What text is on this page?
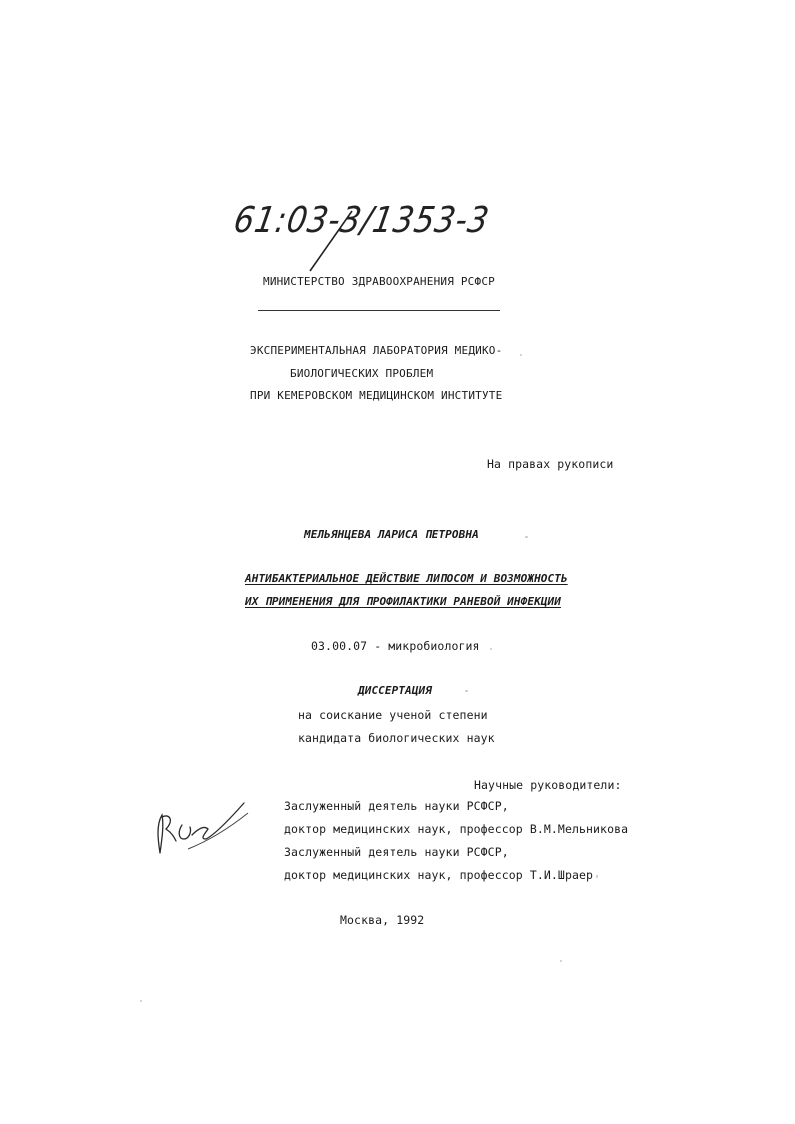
61:03-3/1353-3
МИНИСТЕРСТВО ЗДРАВООХРАНЕНИЯ РСФСР
ЭКСПЕРИМЕНТАЛЬНАЯ ЛАБОРАТОРИЯ МЕДИКО-
БИОЛОГИЧЕСКИХ ПРОБЛЕМ
ПРИ КЕМЕРОВСКОМ МЕДИЦИНСКОМ ИНСТИТУТЕ
На правах рукописи
МЕЛЬЯНЦЕВА ЛАРИСА ПЕТРОВНА
АНТИБАКТЕРИАЛЬНОЕ ДЕЙСТВИЕ ЛИПОСОМ И ВОЗМОЖНОСТЬ
ИХ ПРИМЕНЕНИЯ ДЛЯ ПРОФИЛАКТИКИ РАНЕВОЙ ИНФЕКЦИИ
03.00.07 - микробиология
ДИССЕРТАЦИЯ
на соискание ученой степени
кандидата биологических наук
Научные руководители:
Заслуженный деятель науки РСФСР,
доктор медицинских наук, профессор В.М.Мельникова
Заслуженный деятель науки РСФСР,
доктор медицинских наук, профессор Т.И.Шраер
Москва, 1992
